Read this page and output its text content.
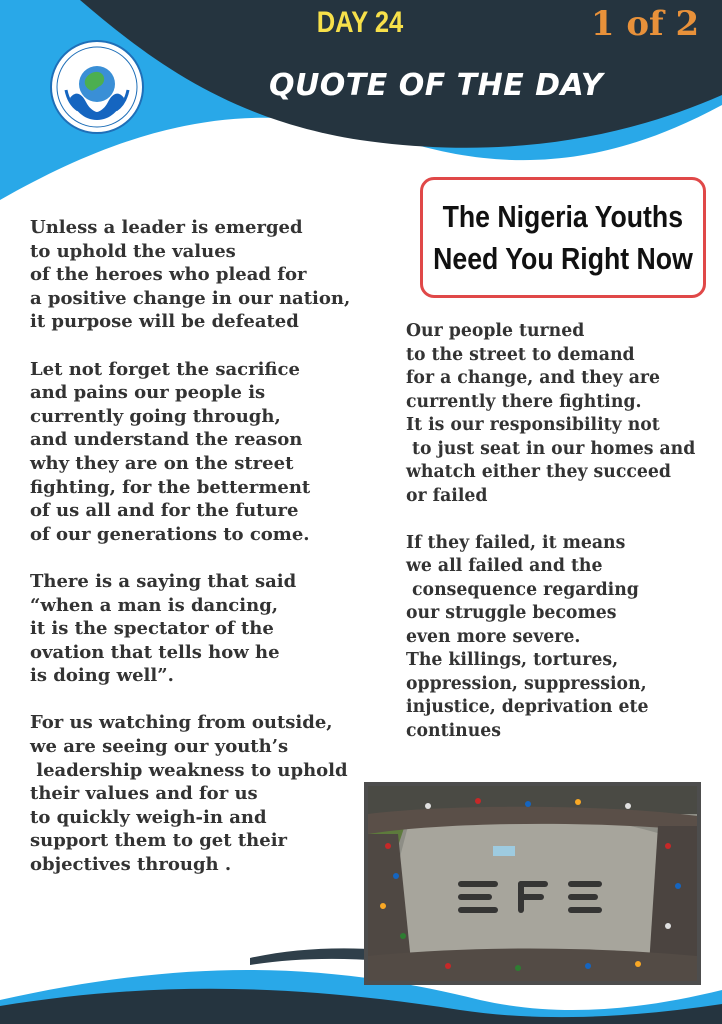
DAY 24	1 of 2
QUOTE OF THE DAY
The Nigeria Youths
Need You Right Now
Unless a leader is emerged
to uphold the values
of the heroes who plead for
a positive change in our nation,
it purpose will be defeated
Let not forget the sacrifice
and pains our people is
currently going through,
and understand the reason
why they are on the street
fighting, for the betterment
of us all and for the future
of our generations to come.
There is a saying that said
“when a man is dancing,
it is the spectator of the
ovation that tells how he
is doing well”.
For us watching from outside,
we are seeing our youth’s
leadership weakness to uphold
their values and for us
to quickly weigh-in and
support them to get their
objectives through .
Our people turned
to the street to demand
for a change, and they are
currently there fighting.
It is our responsibility not
to just seat in our homes and
whatch either they succeed
or failed
If they failed, it means
we all failed and the
consequence regarding
our struggle becomes
even more severe.
The killings, tortures,
oppression, suppression,
injustice, deprivation ete
continues
